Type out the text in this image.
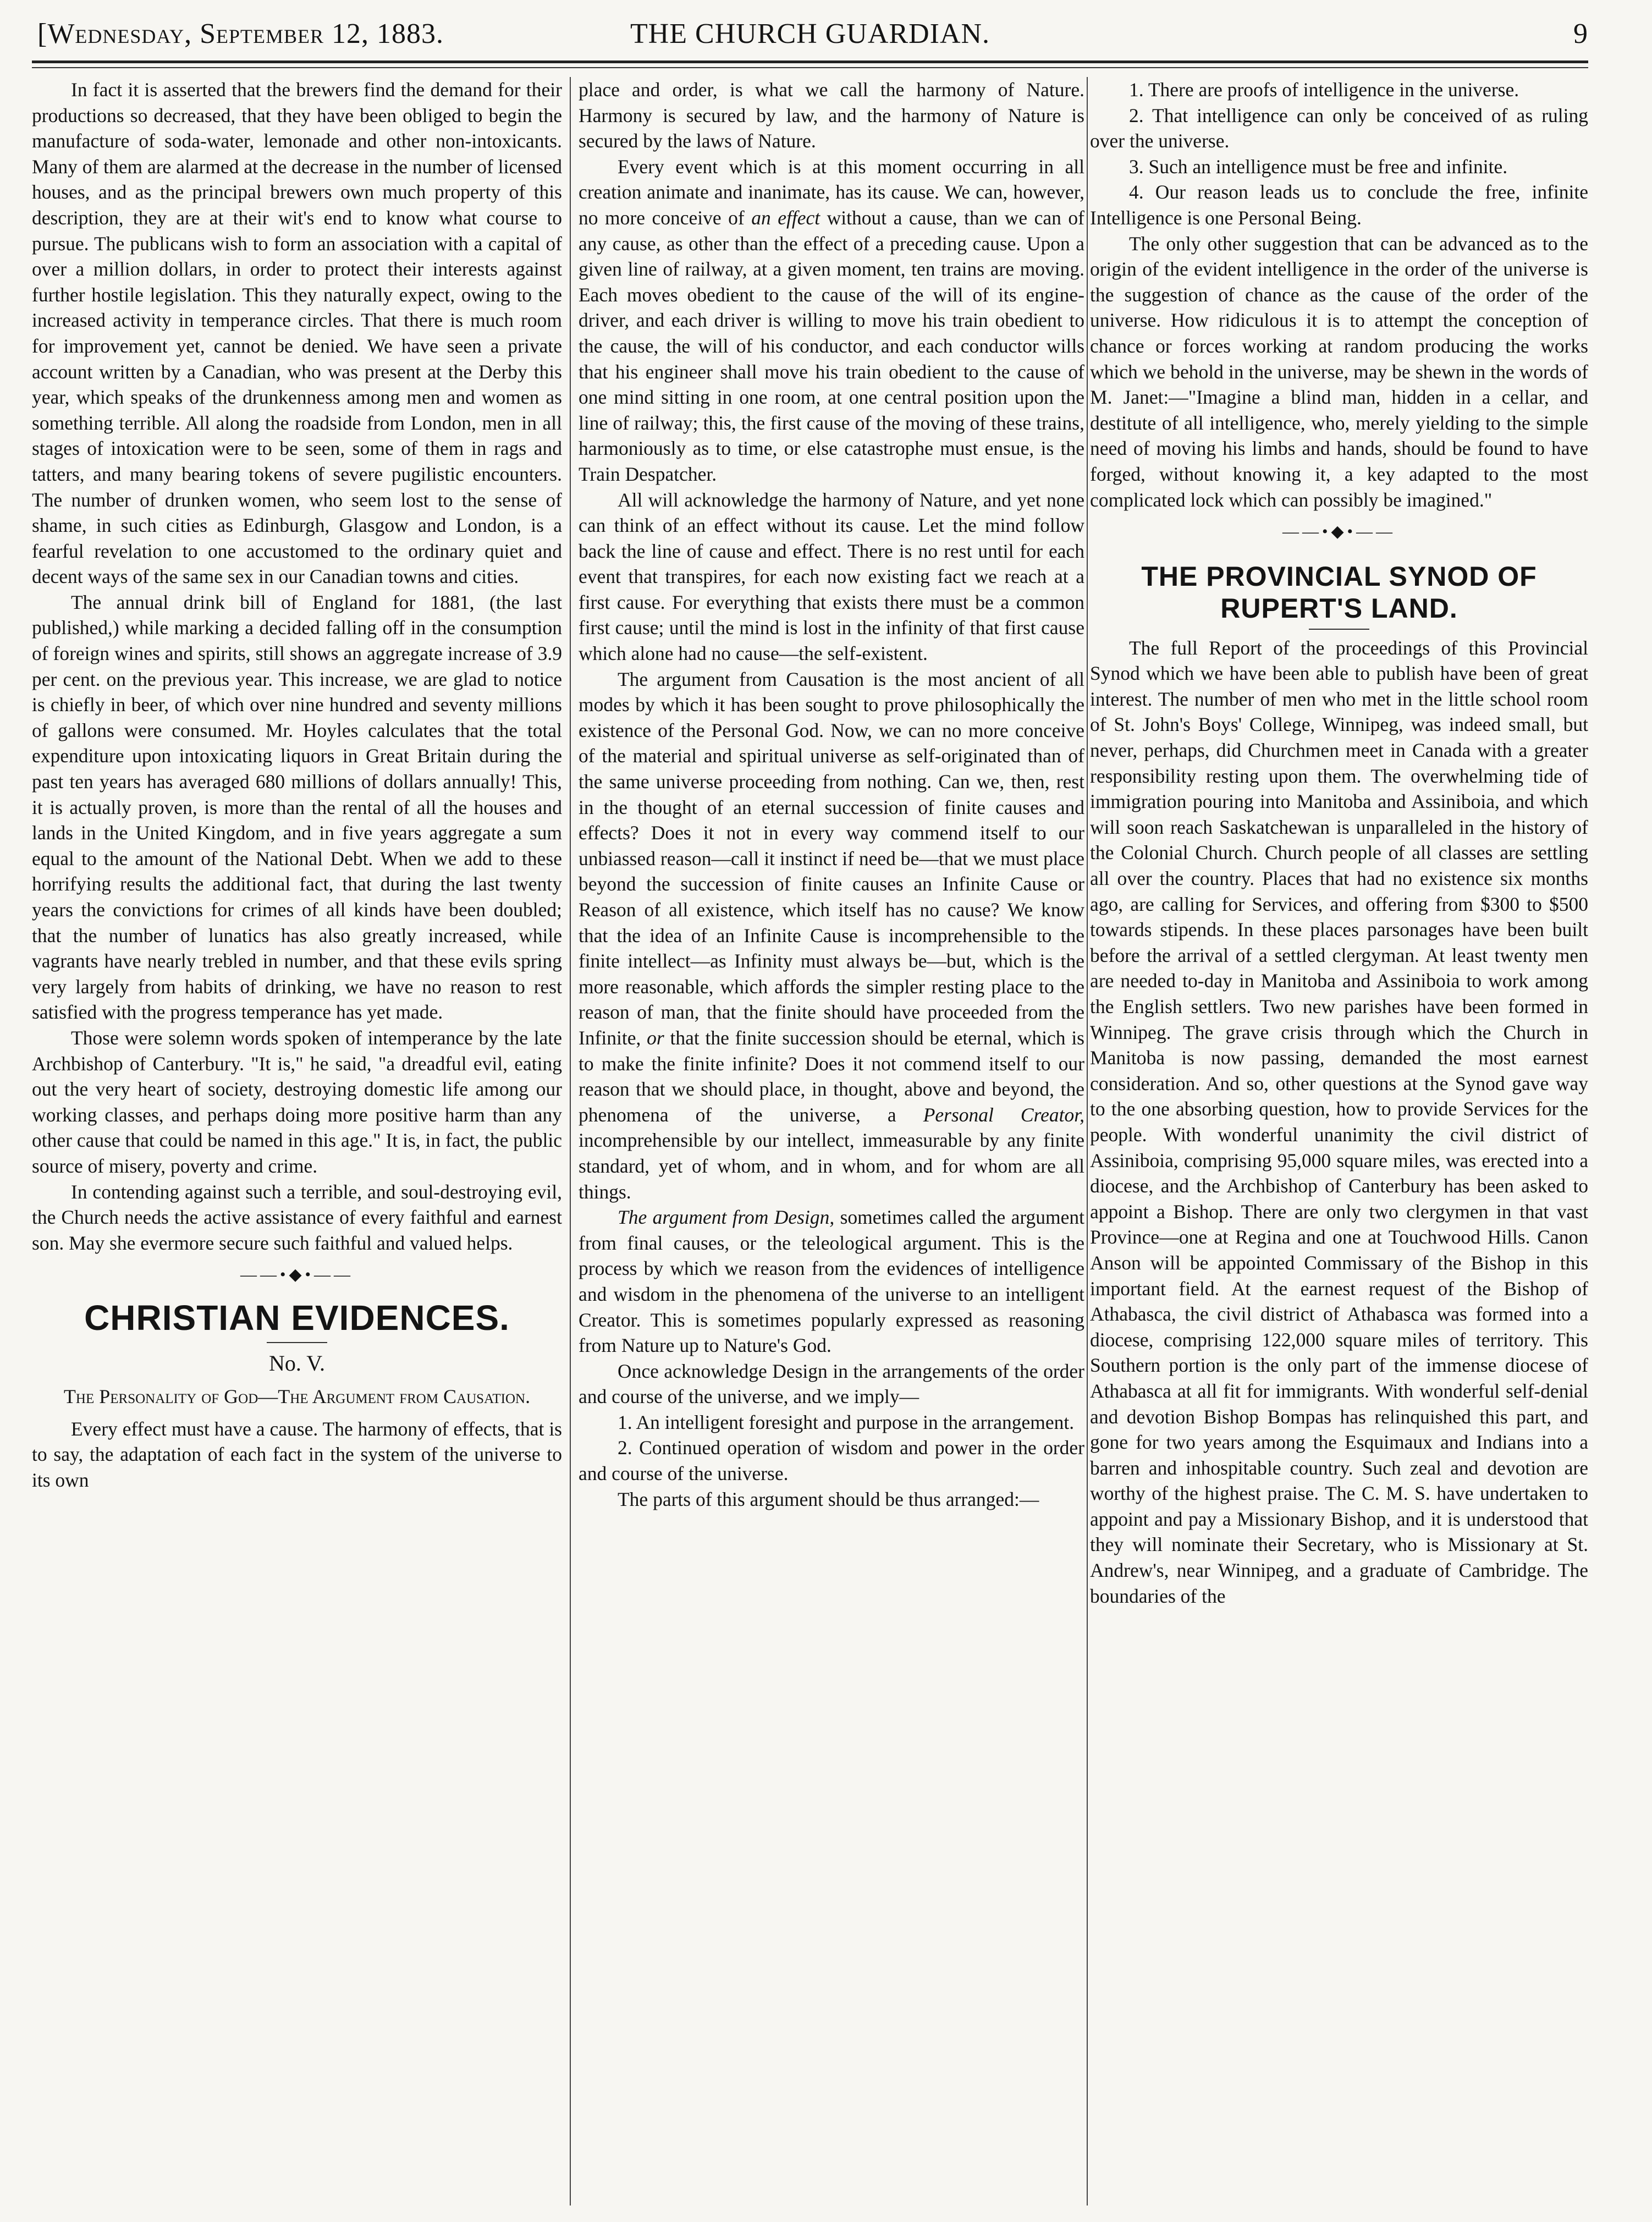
[Wednesday, September 12, 1883.	THE CHURCH GUARDIAN.	9

In fact it is asserted that the brewers find the demand for their productions so decreased, that they have been obliged to begin the manufacture of soda-water, lemonade and other non-intoxicants. Many of them are alarmed at the decrease in the number of licensed houses, and as the principal brewers own much property of this description, they are at their wit's end to know what course to pursue. The publicans wish to form an association with a capital of over a million dollars, in order to protect their interests against further hostile legislation. This they naturally expect, owing to the increased activity in temperance circles. That there is much room for improvement yet, cannot be denied. We have seen a private account written by a Canadian, who was present at the Derby this year, which speaks of the drunkenness among men and women as something terrible. All along the roadside from London, men in all stages of intoxication were to be seen, some of them in rags and tatters, and many bearing tokens of severe pugilistic encounters. The number of drunken women, who seem lost to the sense of shame, in such cities as Edinburgh, Glasgow and London, is a fearful revelation to one accustomed to the ordinary quiet and decent ways of the same sex in our Canadian towns and cities.

The annual drink bill of England for 1881, (the last published,) while marking a decided falling off in the consumption of foreign wines and spirits, still shows an aggregate increase of 3.9 per cent. on the previous year. This increase, we are glad to notice is chiefly in beer, of which over nine hundred and seventy millions of gallons were consumed. Mr. Hoyles calculates that the total expenditure upon intoxicating liquors in Great Britain during the past ten years has averaged 680 millions of dollars annually! This, it is actually proven, is more than the rental of all the houses and lands in the United Kingdom, and in five years aggregate a sum equal to the amount of the National Debt. When we add to these horrifying results the additional fact, that during the last twenty years the convictions for crimes of all kinds have been doubled; that the number of lunatics has also greatly increased, while vagrants have nearly trebled in number, and that these evils spring very largely from habits of drinking, we have no reason to rest satisfied with the progress temperance has yet made.

Those were solemn words spoken of intemperance by the late Archbishop of Canterbury. "It is," he said, "a dreadful evil, eating out the very heart of society, destroying domestic life among our working classes, and perhaps doing more positive harm than any other cause that could be named in this age." It is, in fact, the public source of misery, poverty and crime.

In contending against such a terrible, and soul-destroying evil, the Church needs the active assistance of every faithful and earnest son. May she evermore secure such faithful and valued helps.

——•◆•——
CHRISTIAN EVIDENCES.
No. V.
The Personality of God—The Argument from Causation.

Every effect must have a cause. The harmony of effects, that is to say, the adaptation of each fact in the system of the universe to its own

place and order, is what we call the harmony of Nature. Harmony is secured by law, and the harmony of Nature is secured by the laws of Nature.

Every event which is at this moment occurring in all creation animate and inanimate, has its cause. We can, however, no more conceive of an effect without a cause, than we can of any cause, as other than the effect of a preceding cause. Upon a given line of railway, at a given moment, ten trains are moving. Each moves obedient to the cause of the will of its engine-driver, and each driver is willing to move his train obedient to the cause, the will of his conductor, and each conductor wills that his engineer shall move his train obedient to the cause of one mind sitting in one room, at one central position upon the line of railway; this, the first cause of the moving of these trains, harmoniously as to time, or else catastrophe must ensue, is the Train Despatcher.

All will acknowledge the harmony of Nature, and yet none can think of an effect without its cause. Let the mind follow back the line of cause and effect. There is no rest until for each event that transpires, for each now existing fact we reach at a first cause. For everything that exists there must be a common first cause; until the mind is lost in the infinity of that first cause which alone had no cause—the self-existent.

The argument from Causation is the most ancient of all modes by which it has been sought to prove philosophically the existence of the Personal God. Now, we can no more conceive of the material and spiritual universe as self-originated than of the same universe proceeding from nothing. Can we, then, rest in the thought of an eternal succession of finite causes and effects? Does it not in every way commend itself to our unbiassed reason—call it instinct if need be—that we must place beyond the succession of finite causes an Infinite Cause or Reason of all existence, which itself has no cause? We know that the idea of an Infinite Cause is incomprehensible to the finite intellect—as Infinity must always be—but, which is the more reasonable, which affords the simpler resting place to the reason of man, that the finite should have proceeded from the Infinite, or that the finite succession should be eternal, which is to make the finite infinite? Does it not commend itself to our reason that we should place, in thought, above and beyond, the phenomena of the universe, a Personal Creator, incomprehensible by our intellect, immeasurable by any finite standard, yet of whom, and in whom, and for whom are all things.

The argument from Design, sometimes called the argument from final causes, or the teleological argument. This is the process by which we reason from the evidences of intelligence and wisdom in the phenomena of the universe to an intelligent Creator. This is sometimes popularly expressed as reasoning from Nature up to Nature's God.

Once acknowledge Design in the arrangements of the order and course of the universe, and we imply—

1. An intelligent foresight and purpose in the arrangement.

2. Continued operation of wisdom and power in the order and course of the universe.

The parts of this argument should be thus arranged:—

1. There are proofs of intelligence in the universe.

2. That intelligence can only be conceived of as ruling over the universe.

3. Such an intelligence must be free and infinite.

4. Our reason leads us to conclude the free, infinite Intelligence is one Personal Being.

The only other suggestion that can be advanced as to the origin of the evident intelligence in the order of the universe is the suggestion of chance as the cause of the order of the universe. How ridiculous it is to attempt the conception of chance or forces working at random producing the works which we behold in the universe, may be shewn in the words of M. Janet:—"Imagine a blind man, hidden in a cellar, and destitute of all intelligence, who, merely yielding to the simple need of moving his limbs and hands, should be found to have forged, without knowing it, a key adapted to the most complicated lock which can possibly be imagined."

——•◆•——
THE PROVINCIAL SYNOD OF RUPERT'S LAND.

The full Report of the proceedings of this Provincial Synod which we have been able to publish have been of great interest. The number of men who met in the little school room of St. John's Boys' College, Winnipeg, was indeed small, but never, perhaps, did Churchmen meet in Canada with a greater responsibility resting upon them. The overwhelming tide of immigration pouring into Manitoba and Assiniboia, and which will soon reach Saskatchewan is unparalleled in the history of the Colonial Church. Church people of all classes are settling all over the country. Places that had no existence six months ago, are calling for Services, and offering from $300 to $500 towards stipends. In these places parsonages have been built before the arrival of a settled clergyman. At least twenty men are needed to-day in Manitoba and Assiniboia to work among the English settlers. Two new parishes have been formed in Winnipeg. The grave crisis through which the Church in Manitoba is now passing, demanded the most earnest consideration. And so, other questions at the Synod gave way to the one absorbing question, how to provide Services for the people. With wonderful unanimity the civil district of Assiniboia, comprising 95,000 square miles, was erected into a diocese, and the Archbishop of Canterbury has been asked to appoint a Bishop. There are only two clergymen in that vast Province—one at Regina and one at Touchwood Hills. Canon Anson will be appointed Commissary of the Bishop in this important field. At the earnest request of the Bishop of Athabasca, the civil district of Athabasca was formed into a diocese, comprising 122,000 square miles of territory. This Southern portion is the only part of the immense diocese of Athabasca at all fit for immigrants. With wonderful self-denial and devotion Bishop Bompas has relinquished this part, and gone for two years among the Esquimaux and Indians into a barren and inhospitable country. Such zeal and devotion are worthy of the highest praise. The C. M. S. have undertaken to appoint and pay a Missionary Bishop, and it is understood that they will nominate their Secretary, who is Missionary at St. Andrew's, near Winnipeg, and a graduate of Cambridge. The boundaries of the
